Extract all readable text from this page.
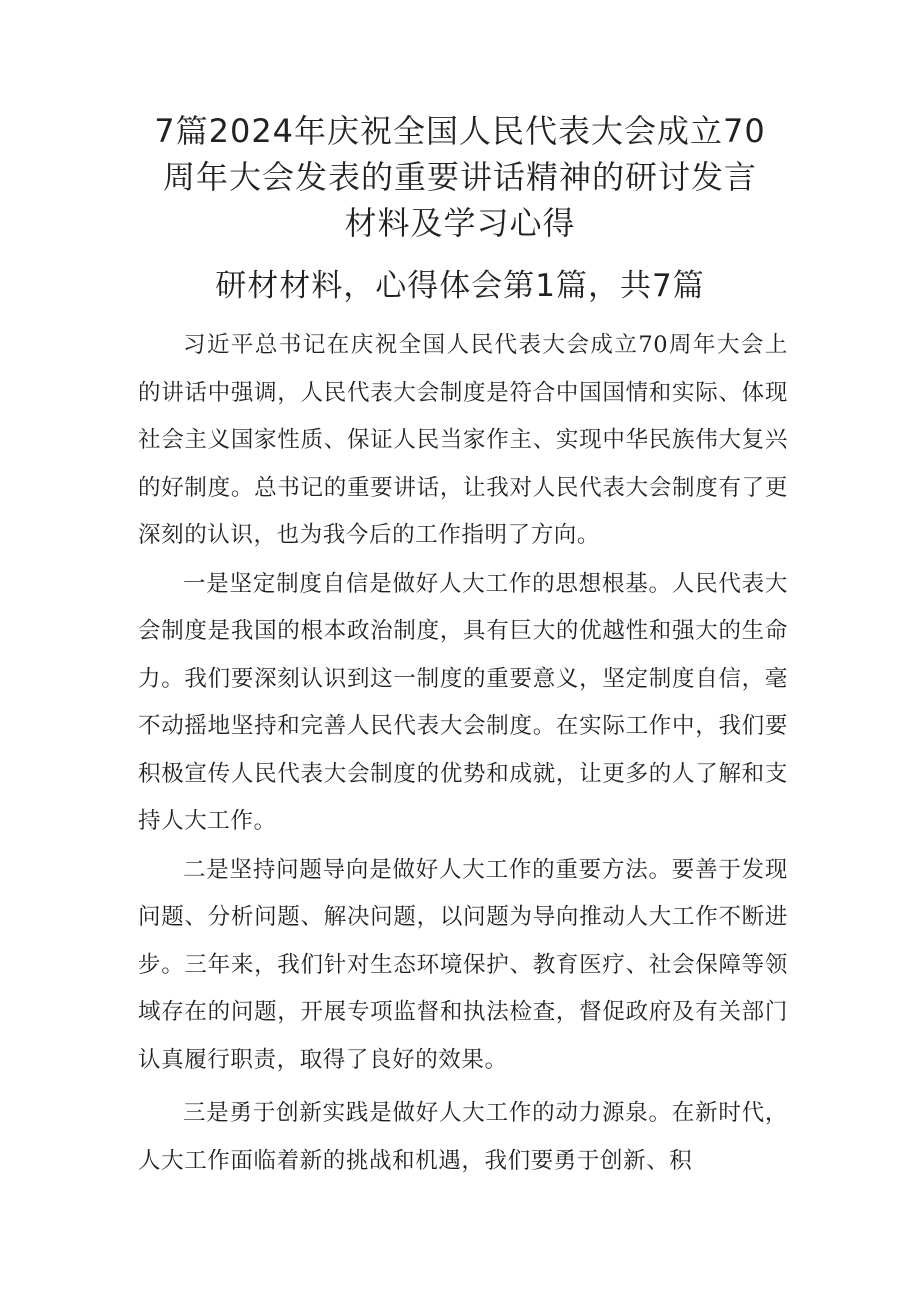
7篇2024年庆祝全国人民代表大会成立70
周年大会发表的重要讲话精神的研讨发言
材料及学习心得
研材材料，心得体会第1篇，共7篇

习近平总书记在庆祝全国人民代表大会成立70周年大会上的讲话中强调，人民代表大会制度是符合中国国情和实际、体现社会主义国家性质、保证人民当家作主、实现中华民族伟大复兴的好制度。总书记的重要讲话，让我对人民代表大会制度有了更深刻的认识，也为我今后的工作指明了方向。

一是坚定制度自信是做好人大工作的思想根基。人民代表大会制度是我国的根本政治制度，具有巨大的优越性和强大的生命力。我们要深刻认识到这一制度的重要意义，坚定制度自信，毫不动摇地坚持和完善人民代表大会制度。在实际工作中，我们要积极宣传人民代表大会制度的优势和成就，让更多的人了解和支持人大工作。

二是坚持问题导向是做好人大工作的重要方法。要善于发现问题、分析问题、解决问题，以问题为导向推动人大工作不断进步。三年来，我们针对生态环境保护、教育医疗、社会保障等领域存在的问题，开展专项监督和执法检查，督促政府及有关部门认真履行职责，取得了良好的效果。

三是勇于创新实践是做好人大工作的动力源泉。在新时代，人大工作面临着新的挑战和机遇，我们要勇于创新、积
